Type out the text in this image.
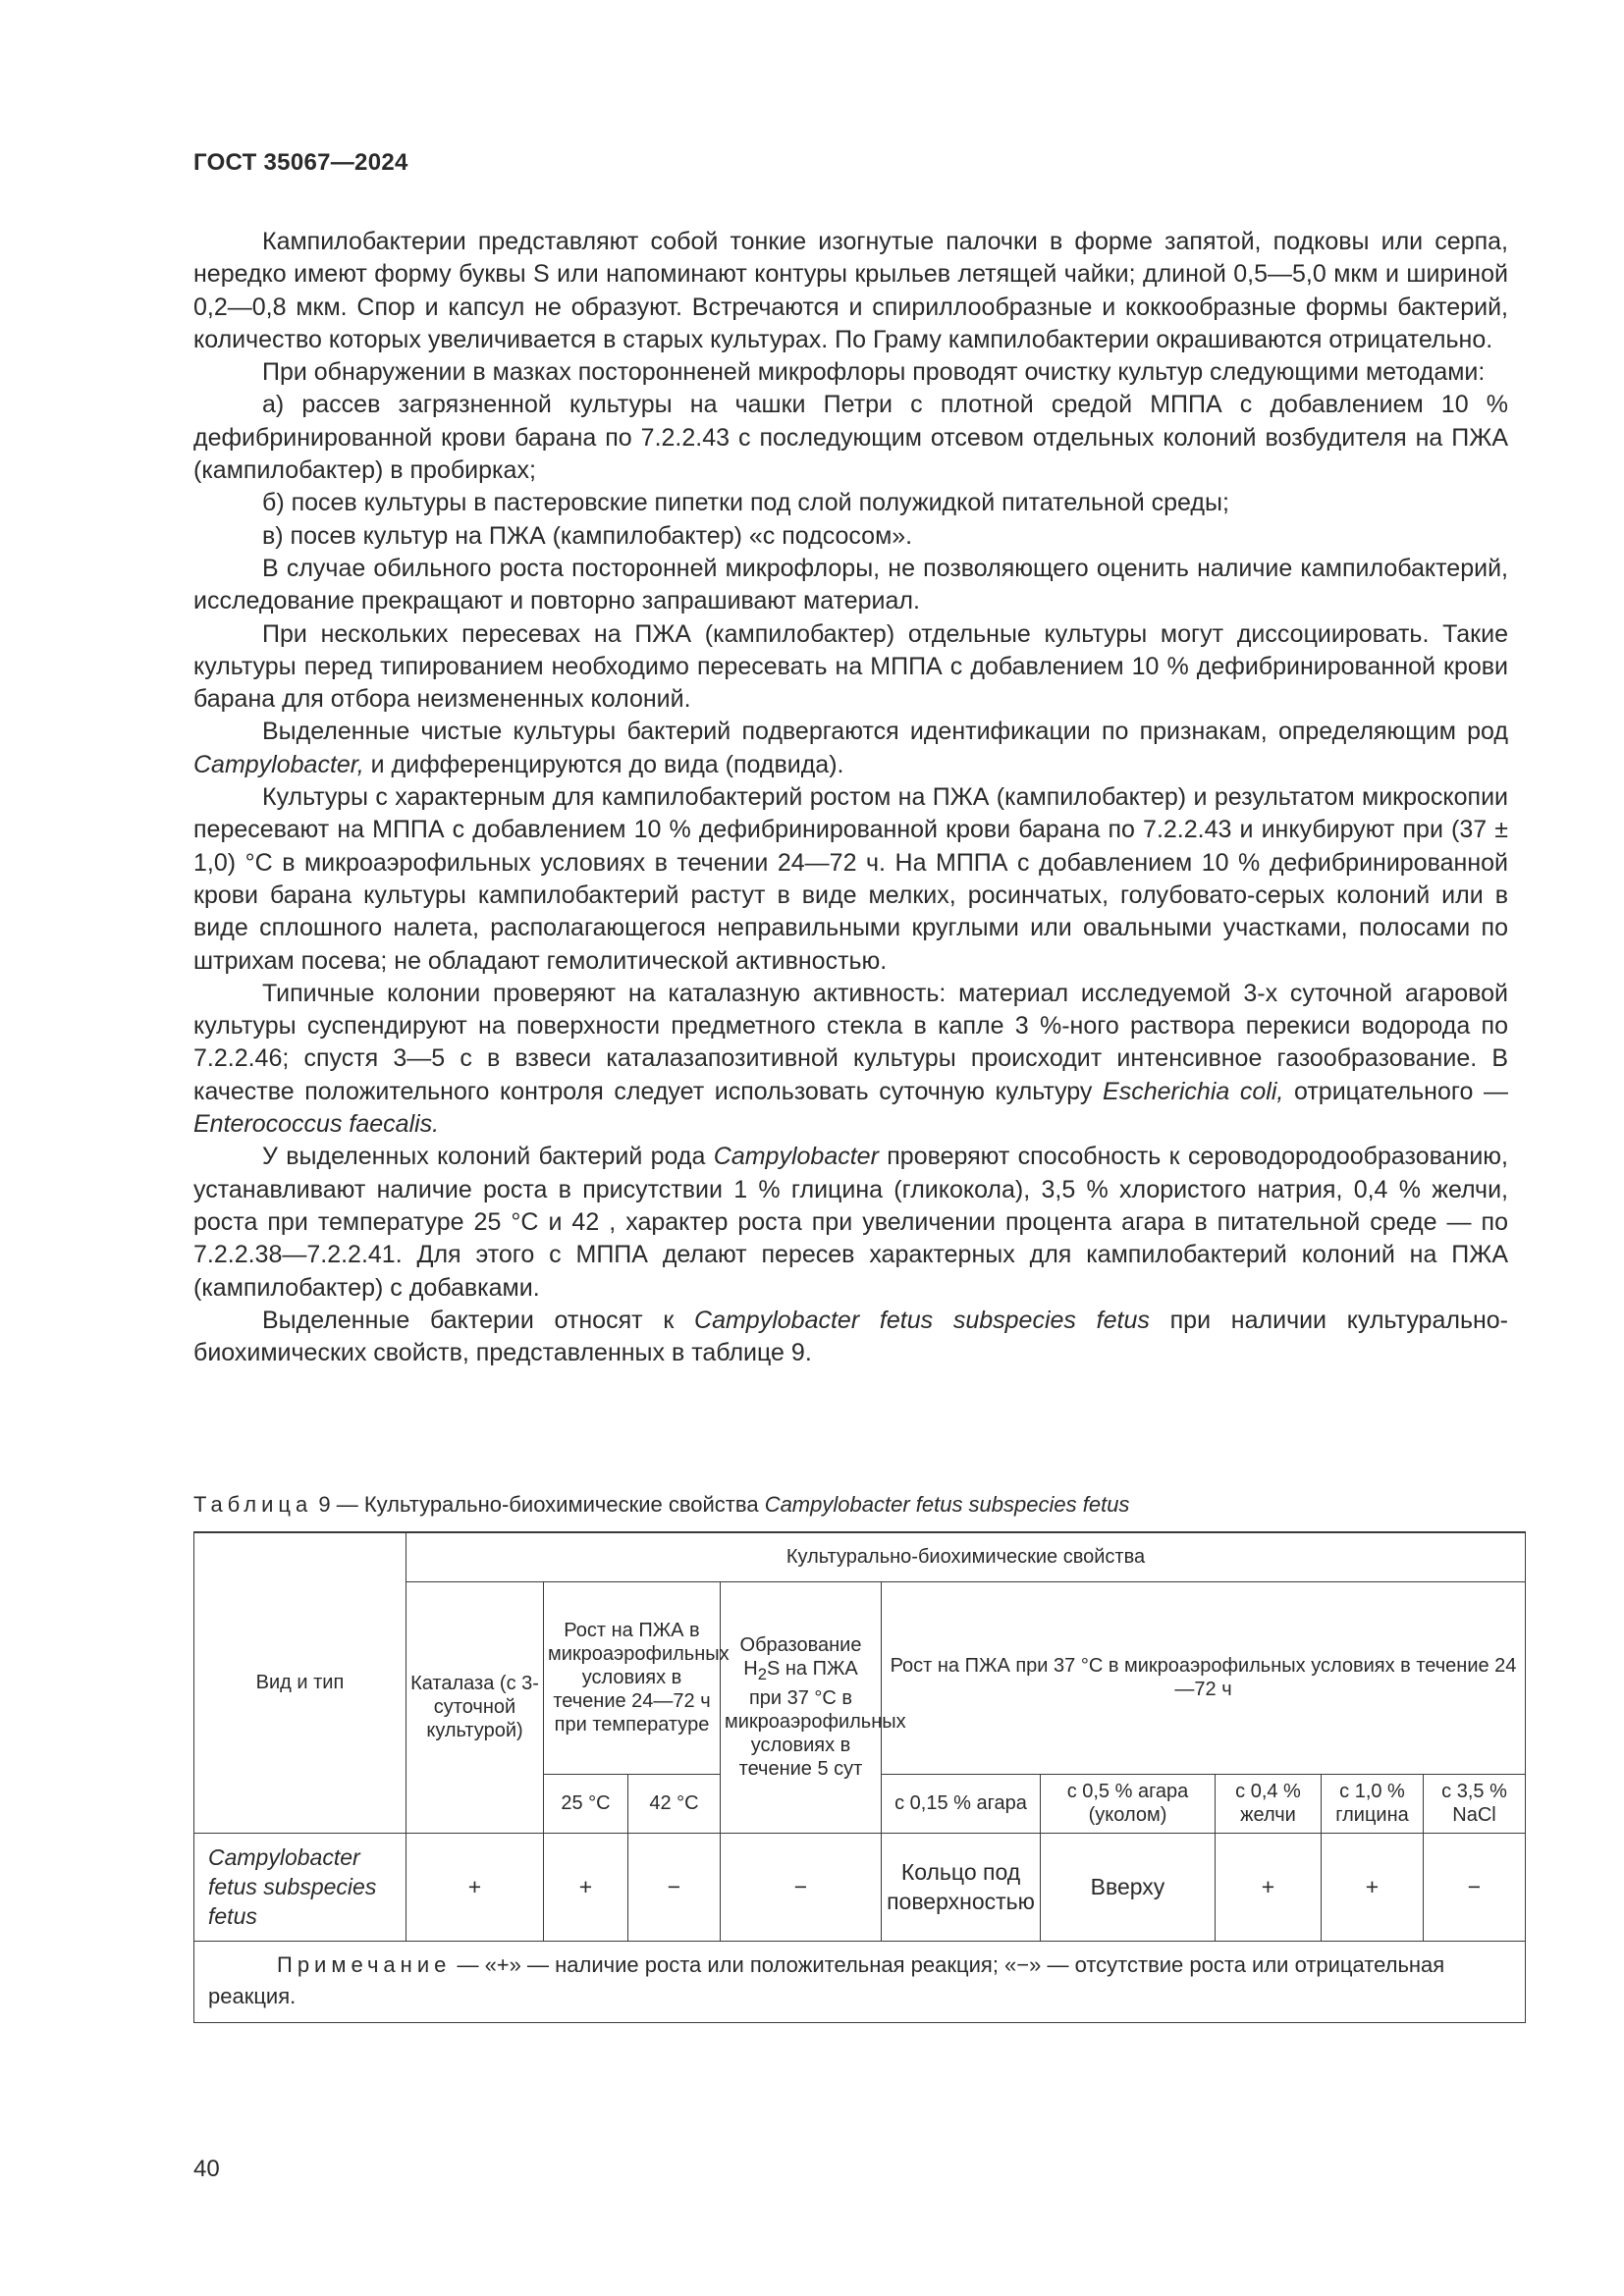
ГОСТ 35067—2024

Кампилобактерии представляют собой тонкие изогнутые палочки в форме запятой, подковы или серпа, нередко имеют форму буквы S или напоминают контуры крыльев летящей чайки; длиной 0,5—5,0 мкм и шириной 0,2—0,8 мкм. Спор и капсул не образуют. Встречаются и спириллообразные и коккообразные формы бактерий, количество которых увеличивается в старых культурах. По Граму кампилобактерии окрашиваются отрицательно.

При обнаружении в мазках посторонненей микрофлоры проводят очистку культур следующими методами:

а) рассев загрязненной культуры на чашки Петри с плотной средой МППА с добавлением 10 % дефибринированной крови барана по 7.2.2.43 с последующим отсевом отдельных колоний возбудителя на ПЖА (кампилобактер) в пробирках;

б) посев культуры в пастеровские пипетки под слой полужидкой питательной среды;

в) посев культур на ПЖА (кампилобактер) «с подсосом».

В случае обильного роста посторонней микрофлоры, не позволяющего оценить наличие кампилобактерий, исследование прекращают и повторно запрашивают материал.

При нескольких пересевах на ПЖА (кампилобактер) отдельные культуры могут диссоциировать. Такие культуры перед типированием необходимо пересевать на МППА с добавлением 10 % дефибринированной крови барана для отбора неизмененных колоний.

Выделенные чистые культуры бактерий подвергаются идентификации по признакам, определяющим род Campylobacter, и дифференцируются до вида (подвида).

Культуры с характерным для кампилобактерий ростом на ПЖА (кампилобактер) и результатом микроскопии пересевают на МППА с добавлением 10 % дефибринированной крови барана по 7.2.2.43 и инкубируют при (37 ± 1,0) °С в микроаэрофильных условиях в течении 24—72 ч. На МППА с добавлением 10 % дефибринированной крови барана культуры кампилобактерий растут в виде мелких, росинчатых, голубовато-серых колоний или в виде сплошного налета, располагающегося неправильными круглыми или овальными участками, полосами по штрихам посева; не обладают гемолитической активностью.

Типичные колонии проверяют на каталазную активность: материал исследуемой 3-х суточной агаровой культуры суспендируют на поверхности предметного стекла в капле 3 %-ного раствора перекиси водорода по 7.2.2.46; спустя 3—5 с в взвеси каталазапозитивной культуры происходит интенсивное газообразование. В качестве положительного контроля следует использовать суточную культуру Escherichia coli, отрицательного — Enterococcus faecalis.

У выделенных колоний бактерий рода Campylobacter проверяют способность к сероводородообразованию, устанавливают наличие роста в присутствии 1 % глицина (гликокола), 3,5 % хлористого натрия, 0,4 % желчи, роста при температуре 25 °С и 42 , характер роста при увеличении процента агара в питательной среде — по 7.2.2.38—7.2.2.41. Для этого с МППА делают пересев характерных для кампилобактерий колоний на ПЖА (кампилобактер) с добавками.

Выделенные бактерии относят к Campylobacter fetus subspecies fetus при наличии культурально-биохимических свойств, представленных в таблице 9.

Таблица 9 — Культурально-биохимические свойства Campylobacter fetus subspecies fetus
Вид и тип	Культурально-биохимические свойства								
	Каталаза (с 3-суточной культурой)	Рост на ПЖА в микроаэрофильных условиях в течение 24—72 ч при температуре		Образование $H_2S$ на ПЖА при 37 °С в микроаэрофильных условиях в течение 5 сут	Рост на ПЖА при 37 °С в микроаэрофильных условиях в течение 24—72 ч				
		25 °С	42 °С		с 0,15 % агара	с 0,5 % агара (уколом)	с 0,4 % желчи	с 1,0 % глицина	с 3,5 % NaCl
Campylobacter fetus subspecies fetus	+	+	−	−	Кольцо под поверхностью	Вверху	+	+	−
Примечание — «+» — наличие роста или положительная реакция; «−» — отсутствие роста или отрицательная реакция.									
40
